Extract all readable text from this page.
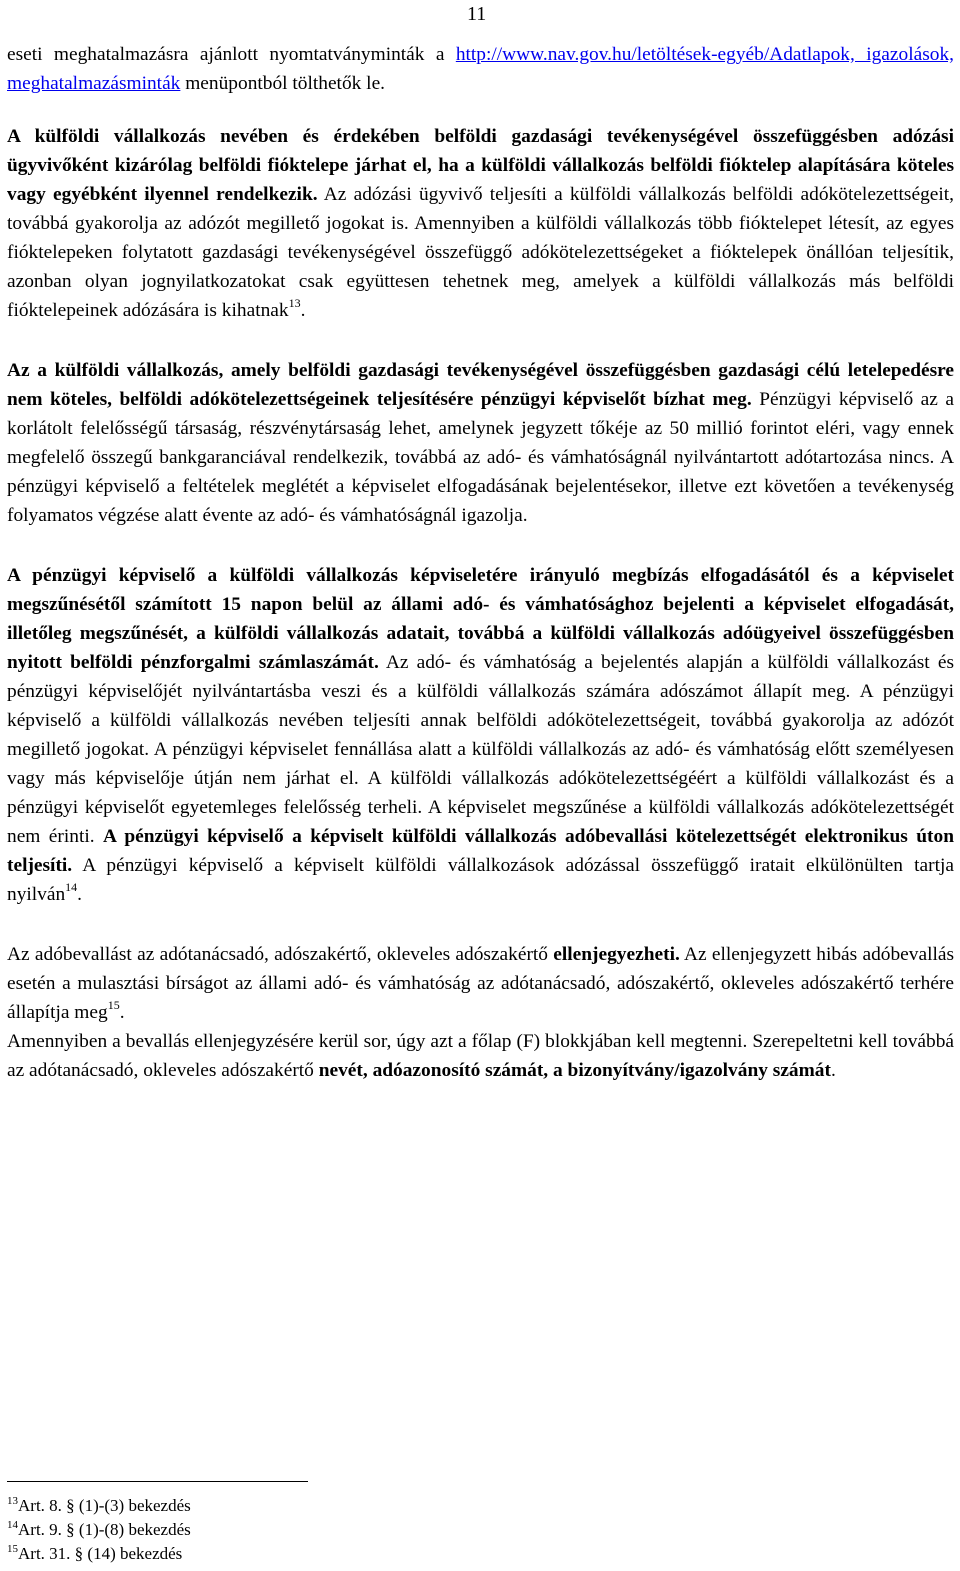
11

eseti meghatalmazásra ajánlott nyomtatványminták a http://www.nav.gov.hu/letöltések-egyéb/Adatlapok, igazolások, meghatalmazásminták menüpontból tölthetők le.

A külföldi vállalkozás nevében és érdekében belföldi gazdasági tevékenységével összefüggésben adózási ügyvivőként kizárólag belföldi fióktelepe járhat el, ha a külföldi vállalkozás belföldi fióktelep alapítására köteles vagy egyébként ilyennel rendelkezik. Az adózási ügyvivő teljesíti a külföldi vállalkozás belföldi adókötelezettségeit, továbbá gyakorolja az adózót megillető jogokat is. Amennyiben a külföldi vállalkozás több fióktelepet létesít, az egyes fióktelepeken folytatott gazdasági tevékenységével összefüggő adókötelezettségeket a fióktelepek önállóan teljesítik, azonban olyan jognyilatkozatokat csak együttesen tehetnek meg, amelyek a külföldi vállalkozás más belföldi fióktelepeinek adózására is kihatnak$^{13}$.

Az a külföldi vállalkozás, amely belföldi gazdasági tevékenységével összefüggésben gazdasági célú letelepedésre nem köteles, belföldi adókötelezettségeinek teljesítésére pénzügyi képviselőt bízhat meg. Pénzügyi képviselő az a korlátolt felelősségű társaság, részvénytársaság lehet, amelynek jegyzett tőkéje az 50 millió forintot eléri, vagy ennek megfelelő összegű bankgaranciával rendelkezik, továbbá az adó- és vámhatóságnál nyilvántartott adótartozása nincs. A pénzügyi képviselő a feltételek meglétét a képviselet elfogadásának bejelentésekor, illetve ezt követően a tevékenység folyamatos végzése alatt évente az adó- és vámhatóságnál igazolja.

A pénzügyi képviselő a külföldi vállalkozás képviseletére irányuló megbízás elfogadásától és a képviselet megszűnésétől számított 15 napon belül az állami adó- és vámhatósághoz bejelenti a képviselet elfogadását, illetőleg megszűnését, a külföldi vállalkozás adatait, továbbá a külföldi vállalkozás adóügyeivel összefüggésben nyitott belföldi pénzforgalmi számlaszámát. Az adó- és vámhatóság a bejelentés alapján a külföldi vállalkozást és pénzügyi képviselőjét nyilvántartásba veszi és a külföldi vállalkozás számára adószámot állapít meg. A pénzügyi képviselő a külföldi vállalkozás nevében teljesíti annak belföldi adókötelezettségeit, továbbá gyakorolja az adózót megillető jogokat. A pénzügyi képviselet fennállása alatt a külföldi vállalkozás az adó- és vámhatóság előtt személyesen vagy más képviselője útján nem járhat el. A külföldi vállalkozás adókötelezettségéért a külföldi vállalkozást és a pénzügyi képviselőt egyetemleges felelősség terheli. A képviselet megszűnése a külföldi vállalkozás adókötelezettségét nem érinti. A pénzügyi képviselő a képviselt külföldi vállalkozás adóbevallási kötelezettségét elektronikus úton teljesíti. A pénzügyi képviselő a képviselt külföldi vállalkozások adózással összefüggő iratait elkülönülten tartja nyilván$^{14}$.

Az adóbevallást az adótanácsadó, adószakértő, okleveles adószakértő ellenjegyezheti. Az ellenjegyzett hibás adóbevallás esetén a mulasztási bírságot az állami adó- és vámhatóság az adótanácsadó, adószakértő, okleveles adószakértő terhére állapítja meg$^{15}$.

Amennyiben a bevallás ellenjegyzésére kerül sor, úgy azt a főlap (F) blokkjában kell megtenni. Szerepeltetni kell továbbá az adótanácsadó, okleveles adószakértő nevét, adóazonosító számát, a bizonyítvány/igazolvány számát.

$^{13}$Art. 8. § (1)-(3) bekezdés
$^{14}$Art. 9. § (1)-(8) bekezdés
$^{15}$Art. 31. § (14) bekezdés
